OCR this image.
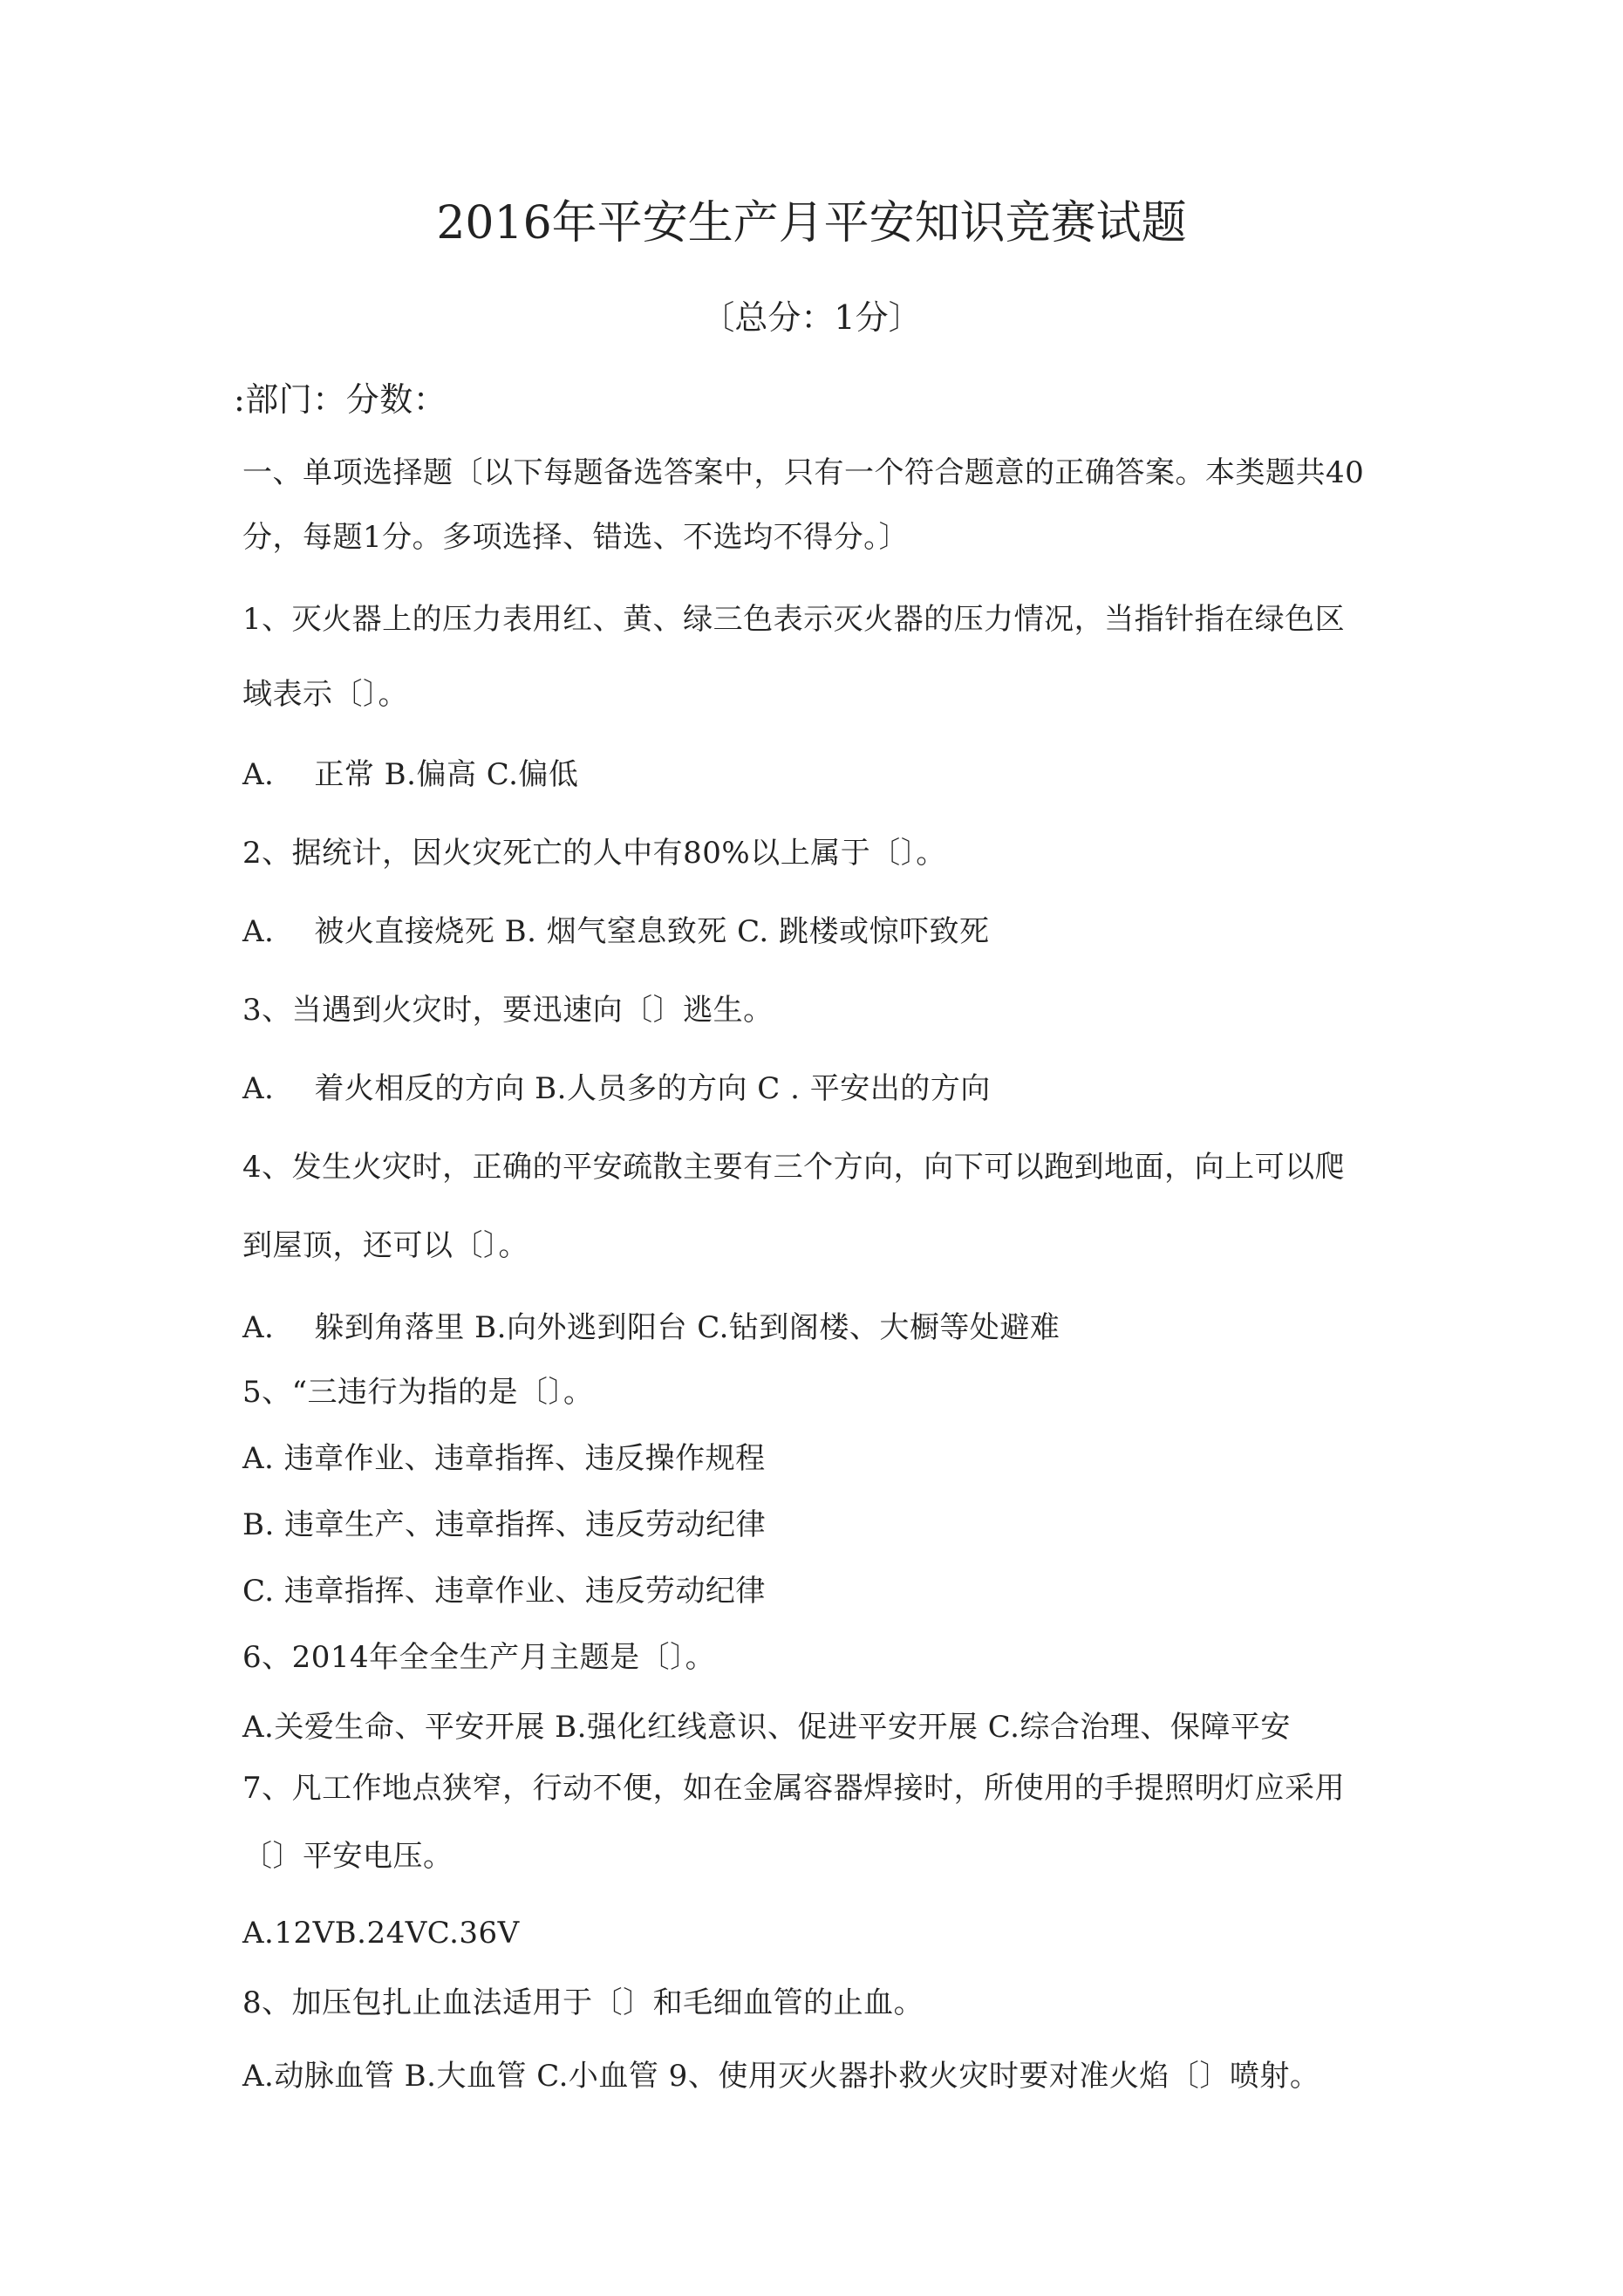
2016年平安生产月平安知识竞赛试题
〔总分：1分〕
:部门：分数：
一、单项选择题〔以下每题备选答案中，只有一个符合题意的正确答案。本类题共40
分，每题1分。多项选择、错选、不选均不得分。〕
1、灭火器上的压力表用红、黄、绿三色表示灭火器的压力情况，当指针指在绿色区
域表示〔〕。
A. 正常 B.偏高 C.偏低
2、据统计，因火灾死亡的人中有80%以上属于〔〕。
A. 被火直接烧死 B. 烟气窒息致死 C. 跳楼或惊吓致死
3、当遇到火灾时，要迅速向〔〕逃生。
A. 着火相反的方向 B.人员多的方向 C . 平安出的方向
4、发生火灾时，正确的平安疏散主要有三个方向，向下可以跑到地面，向上可以爬
到屋顶，还可以〔〕。
A. 躲到角落里 B.向外逃到阳台 C.钻到阁楼、大橱等处避难
5、“三违行为指的是〔〕。
A. 违章作业、违章指挥、违反操作规程
B. 违章生产、违章指挥、违反劳动纪律
C. 违章指挥、违章作业、违反劳动纪律
6、2014年全全生产月主题是〔〕。
A.关爱生命、平安开展 B.强化红线意识、促进平安开展 C.综合治理、保障平安
7、凡工作地点狭窄，行动不便，如在金属容器焊接时，所使用的手提照明灯应采用
〔〕平安电压。
A.12VB.24VC.36V
8、加压包扎止血法适用于〔〕和毛细血管的止血。
A.动脉血管 B.大血管 C.小血管 9、使用灭火器扑救火灾时要对准火焰〔〕喷射。
